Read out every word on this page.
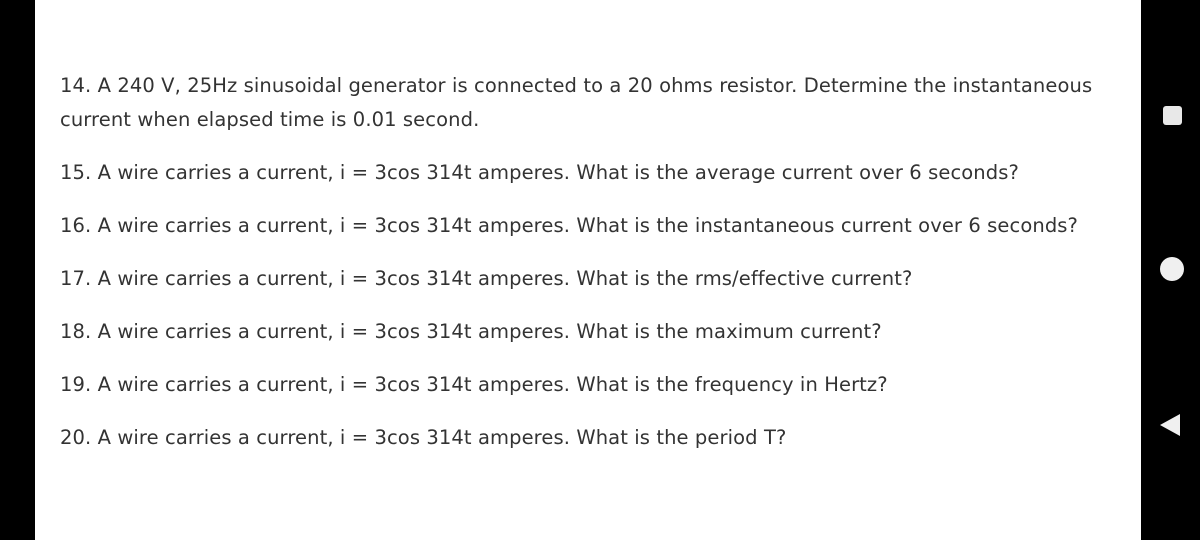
14. A 240 V, 25Hz sinusoidal generator is connected to a 20 ohms resistor. Determine the instantaneous current when elapsed time is 0.01 second.

15. A wire carries a current, i = 3cos 314t amperes. What is the average current over 6 seconds?

16. A wire carries a current, i = 3cos 314t amperes. What is the instantaneous current over 6 seconds?

17. A wire carries a current, i = 3cos 314t amperes. What is the rms/effective current?

18. A wire carries a current, i = 3cos 314t amperes. What is the maximum current?

19. A wire carries a current, i = 3cos 314t amperes. What is the frequency in Hertz?

20. A wire carries a current, i = 3cos 314t amperes. What is the period T?
